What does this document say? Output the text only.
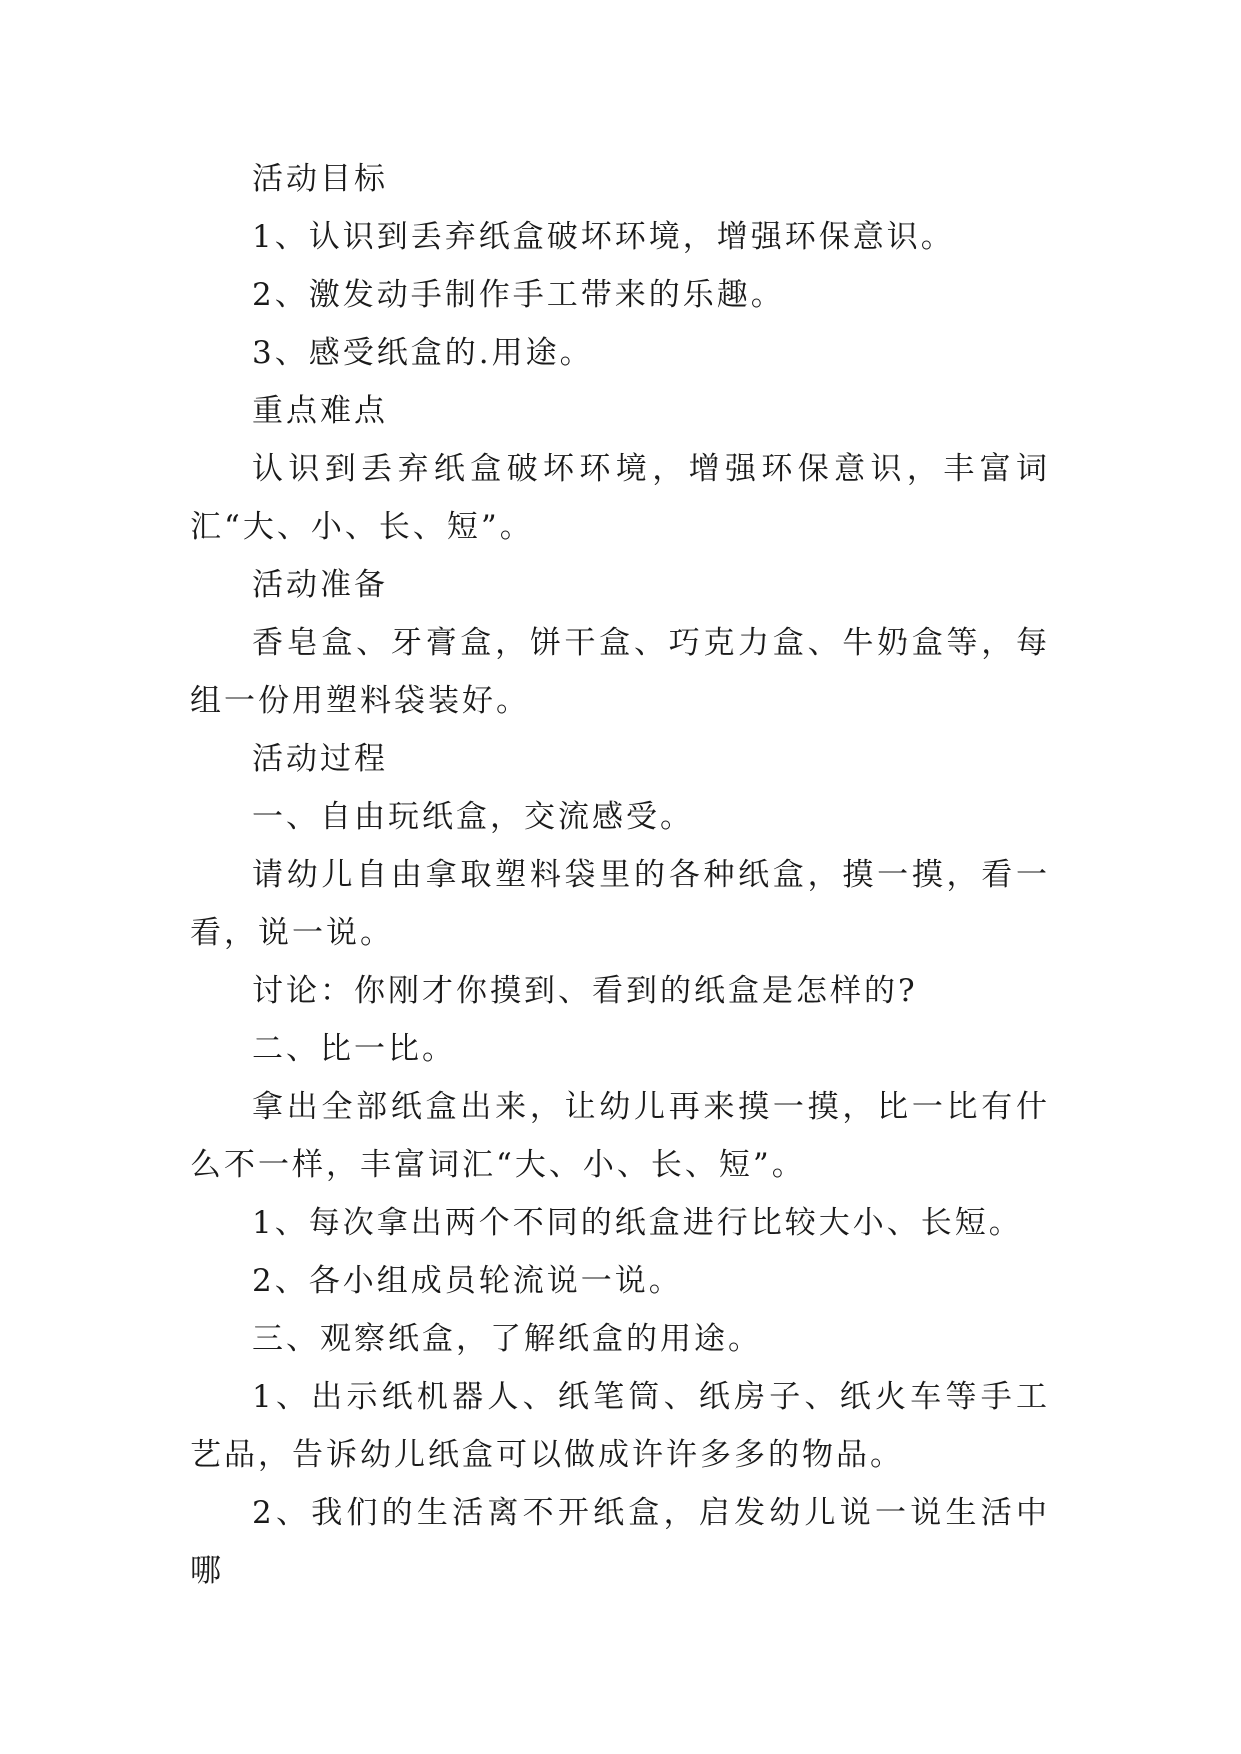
活动目标

1、认识到丢弃纸盒破坏环境，增强环保意识。

2、激发动手制作手工带来的乐趣。

3、感受纸盒的.用途。

重点难点

认识到丢弃纸盒破坏环境，增强环保意识，丰富词汇“大、小、长、短”。

活动准备

香皂盒、牙膏盒，饼干盒、巧克力盒、牛奶盒等，每组一份用塑料袋装好。

活动过程

一、自由玩纸盒，交流感受。

请幼儿自由拿取塑料袋里的各种纸盒，摸一摸，看一看，说一说。

讨论：你刚才你摸到、看到的纸盒是怎样的?

二、比一比。

拿出全部纸盒出来，让幼儿再来摸一摸，比一比有什么不一样，丰富词汇“大、小、长、短”。

1、每次拿出两个不同的纸盒进行比较大小、长短。

2、各小组成员轮流说一说。

三、观察纸盒，了解纸盒的用途。

1、出示纸机器人、纸笔筒、纸房子、纸火车等手工艺品，告诉幼儿纸盒可以做成许许多多的物品。

2、我们的生活离不开纸盒，启发幼儿说一说生活中哪
